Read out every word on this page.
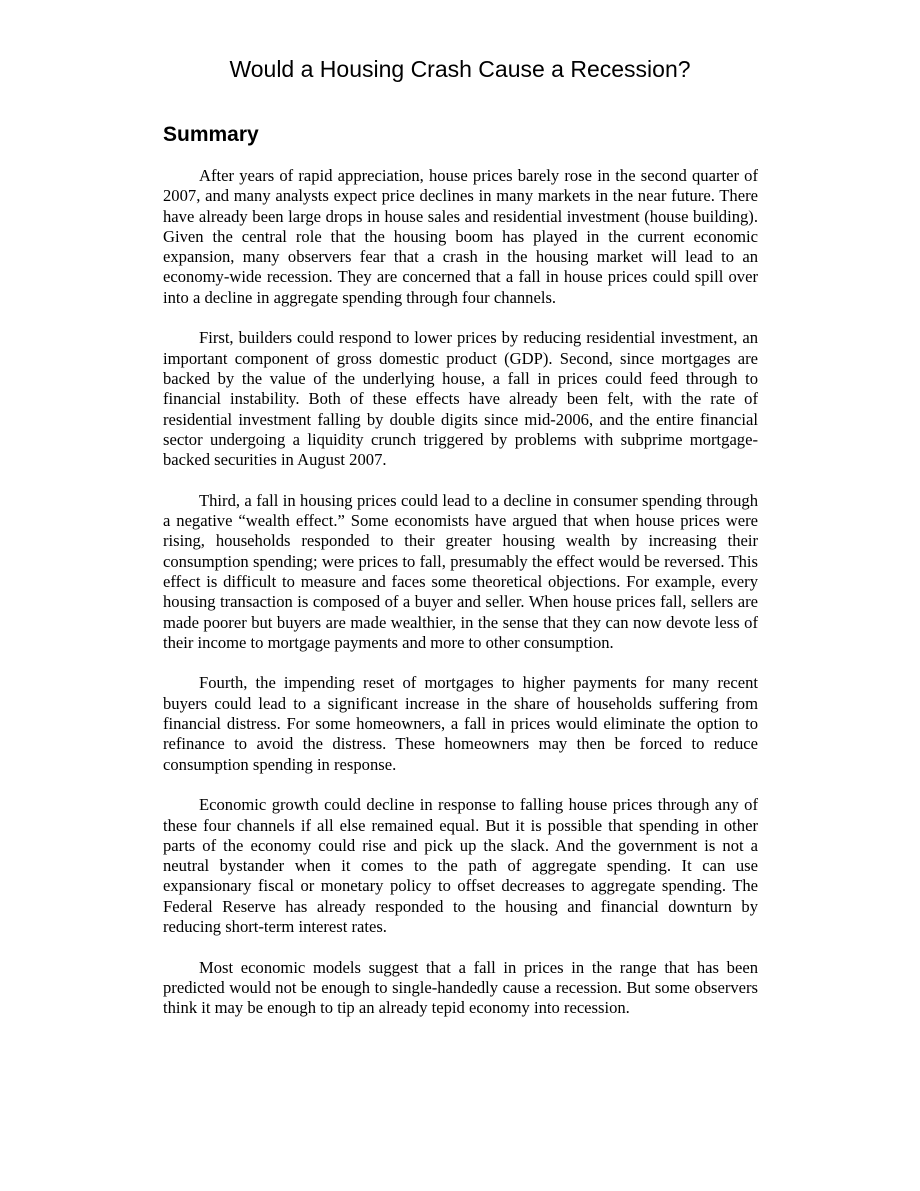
Would a Housing Crash Cause a Recession?
Summary

After years of rapid appreciation, house prices barely rose in the second quarter of 2007, and many analysts expect price declines in many markets in the near future. There have already been large drops in house sales and residential investment (house building). Given the central role that the housing boom has played in the current economic expansion, many observers fear that a crash in the housing market will lead to an economy-wide recession. They are concerned that a fall in house prices could spill over into a decline in aggregate spending through four channels.

First, builders could respond to lower prices by reducing residential investment, an important component of gross domestic product (GDP). Second, since mortgages are backed by the value of the underlying house, a fall in prices could feed through to financial instability. Both of these effects have already been felt, with the rate of residential investment falling by double digits since mid-2006, and the entire financial sector undergoing a liquidity crunch triggered by problems with subprime mortgage-backed securities in August 2007.

Third, a fall in housing prices could lead to a decline in consumer spending through a negative “wealth effect.” Some economists have argued that when house prices were rising, households responded to their greater housing wealth by increasing their consumption spending; were prices to fall, presumably the effect would be reversed. This effect is difficult to measure and faces some theoretical objections. For example, every housing transaction is composed of a buyer and seller. When house prices fall, sellers are made poorer but buyers are made wealthier, in the sense that they can now devote less of their income to mortgage payments and more to other consumption.

Fourth, the impending reset of mortgages to higher payments for many recent buyers could lead to a significant increase in the share of households suffering from financial distress. For some homeowners, a fall in prices would eliminate the option to refinance to avoid the distress. These homeowners may then be forced to reduce consumption spending in response.

Economic growth could decline in response to falling house prices through any of these four channels if all else remained equal. But it is possible that spending in other parts of the economy could rise and pick up the slack. And the government is not a neutral bystander when it comes to the path of aggregate spending. It can use expansionary fiscal or monetary policy to offset decreases to aggregate spending. The Federal Reserve has already responded to the housing and financial downturn by reducing short-term interest rates.

Most economic models suggest that a fall in prices in the range that has been predicted would not be enough to single-handedly cause a recession. But some observers think it may be enough to tip an already tepid economy into recession.
